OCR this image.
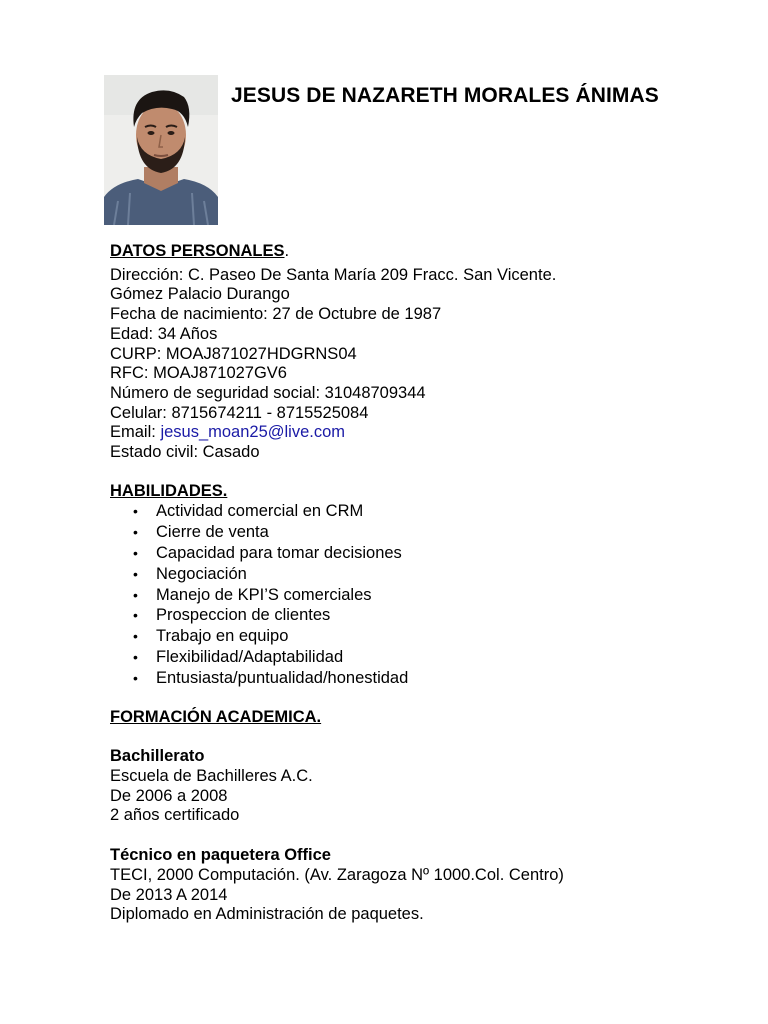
JESUS DE NAZARETH MORALES ÁNIMAS

DATOS PERSONALES.

Dirección: C. Paseo De Santa María 209 Fracc. San Vicente.

Gómez Palacio Durango

Fecha de nacimiento: 27 de Octubre de 1987

Edad: 34 Años

CURP: MOAJ871027HDGRNS04

RFC: MOAJ871027GV6

Número de seguridad social: 31048709344

Celular: 8715674211 - 8715525084

Email: jesus_moan25@live.com

Estado civil: Casado

HABILIDADES.

• Actividad comercial en CRM
• Cierre de venta
• Capacidad para tomar decisiones
• Negociación
• Manejo de KPI’S comerciales
• Prospeccion de clientes
• Trabajo en equipo
• Flexibilidad/Adaptabilidad
• Entusiasta/puntualidad/honestidad

FORMACIÓN ACADEMICA.

Bachillerato

Escuela de Bachilleres A.C.

De 2006 a 2008

2 años certificado

Técnico en paquetera Office

TECI, 2000 Computación. (Av. Zaragoza Nº 1000.Col. Centro)

De 2013 A 2014

Diplomado en Administración de paquetes.
